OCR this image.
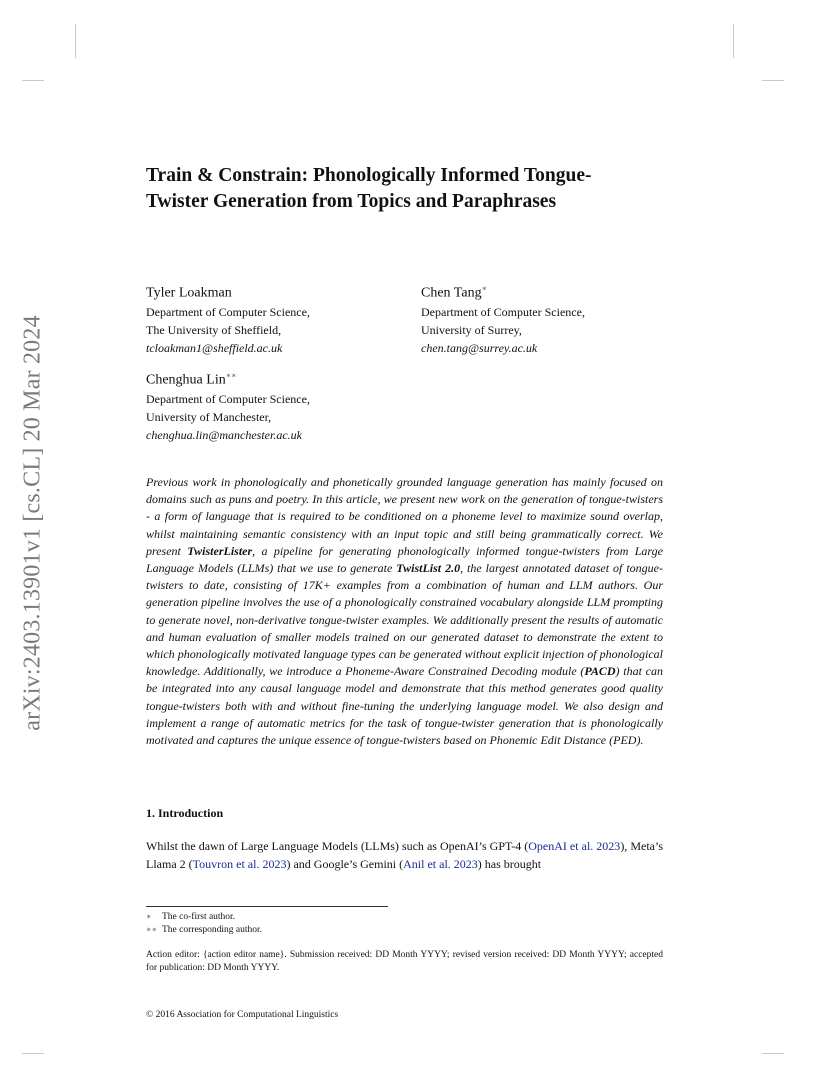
arXiv:2403.13901v1 [cs.CL] 20 Mar 2024
Train & Constrain: Phonologically Informed Tongue-Twister Generation from Topics and Paraphrases
Tyler Loakman
Department of Computer Science,
The University of Sheffield,
tcloakman1@sheffield.ac.uk
Chen Tang∗
Department of Computer Science,
University of Surrey,
chen.tang@surrey.ac.uk
Chenghua Lin∗∗
Department of Computer Science,
University of Manchester,
chenghua.lin@manchester.ac.uk

Previous work in phonologically and phonetically grounded language generation has mainly focused on domains such as puns and poetry. In this article, we present new work on the generation of tongue-twisters - a form of language that is required to be conditioned on a phoneme level to maximize sound overlap, whilst maintaining semantic consistency with an input topic and still being grammatically correct. We present TwisterLister, a pipeline for generating phonologically informed tongue-twisters from Large Language Models (LLMs) that we use to generate TwistList 2.0, the largest annotated dataset of tongue-twisters to date, consisting of 17K+ examples from a combination of human and LLM authors. Our generation pipeline involves the use of a phonologically constrained vocabulary alongside LLM prompting to generate novel, non-derivative tongue-twister examples. We additionally present the results of automatic and human evaluation of smaller models trained on our generated dataset to demonstrate the extent to which phonologically motivated language types can be generated without explicit injection of phonological knowledge. Additionally, we introduce a Phoneme-Aware Constrained Decoding module (PACD) that can be integrated into any causal language model and demonstrate that this method generates good quality tongue-twisters both with and without fine-tuning the underlying language model. We also design and implement a range of automatic metrics for the task of tongue-twister generation that is phonologically motivated and captures the unique essence of tongue-twisters based on Phonemic Edit Distance (PED).

1. Introduction

Whilst the dawn of Large Language Models (LLMs) such as OpenAI’s GPT-4 (OpenAI et al. 2023), Meta’s Llama 2 (Touvron et al. 2023) and Google’s Gemini (Anil et al. 2023) has brought

∗ The co-first author.
∗∗ The corresponding author.

Action editor: {action editor name}. Submission received: DD Month YYYY; revised version received: DD Month YYYY; accepted for publication: DD Month YYYY.

© 2016 Association for Computational Linguistics
